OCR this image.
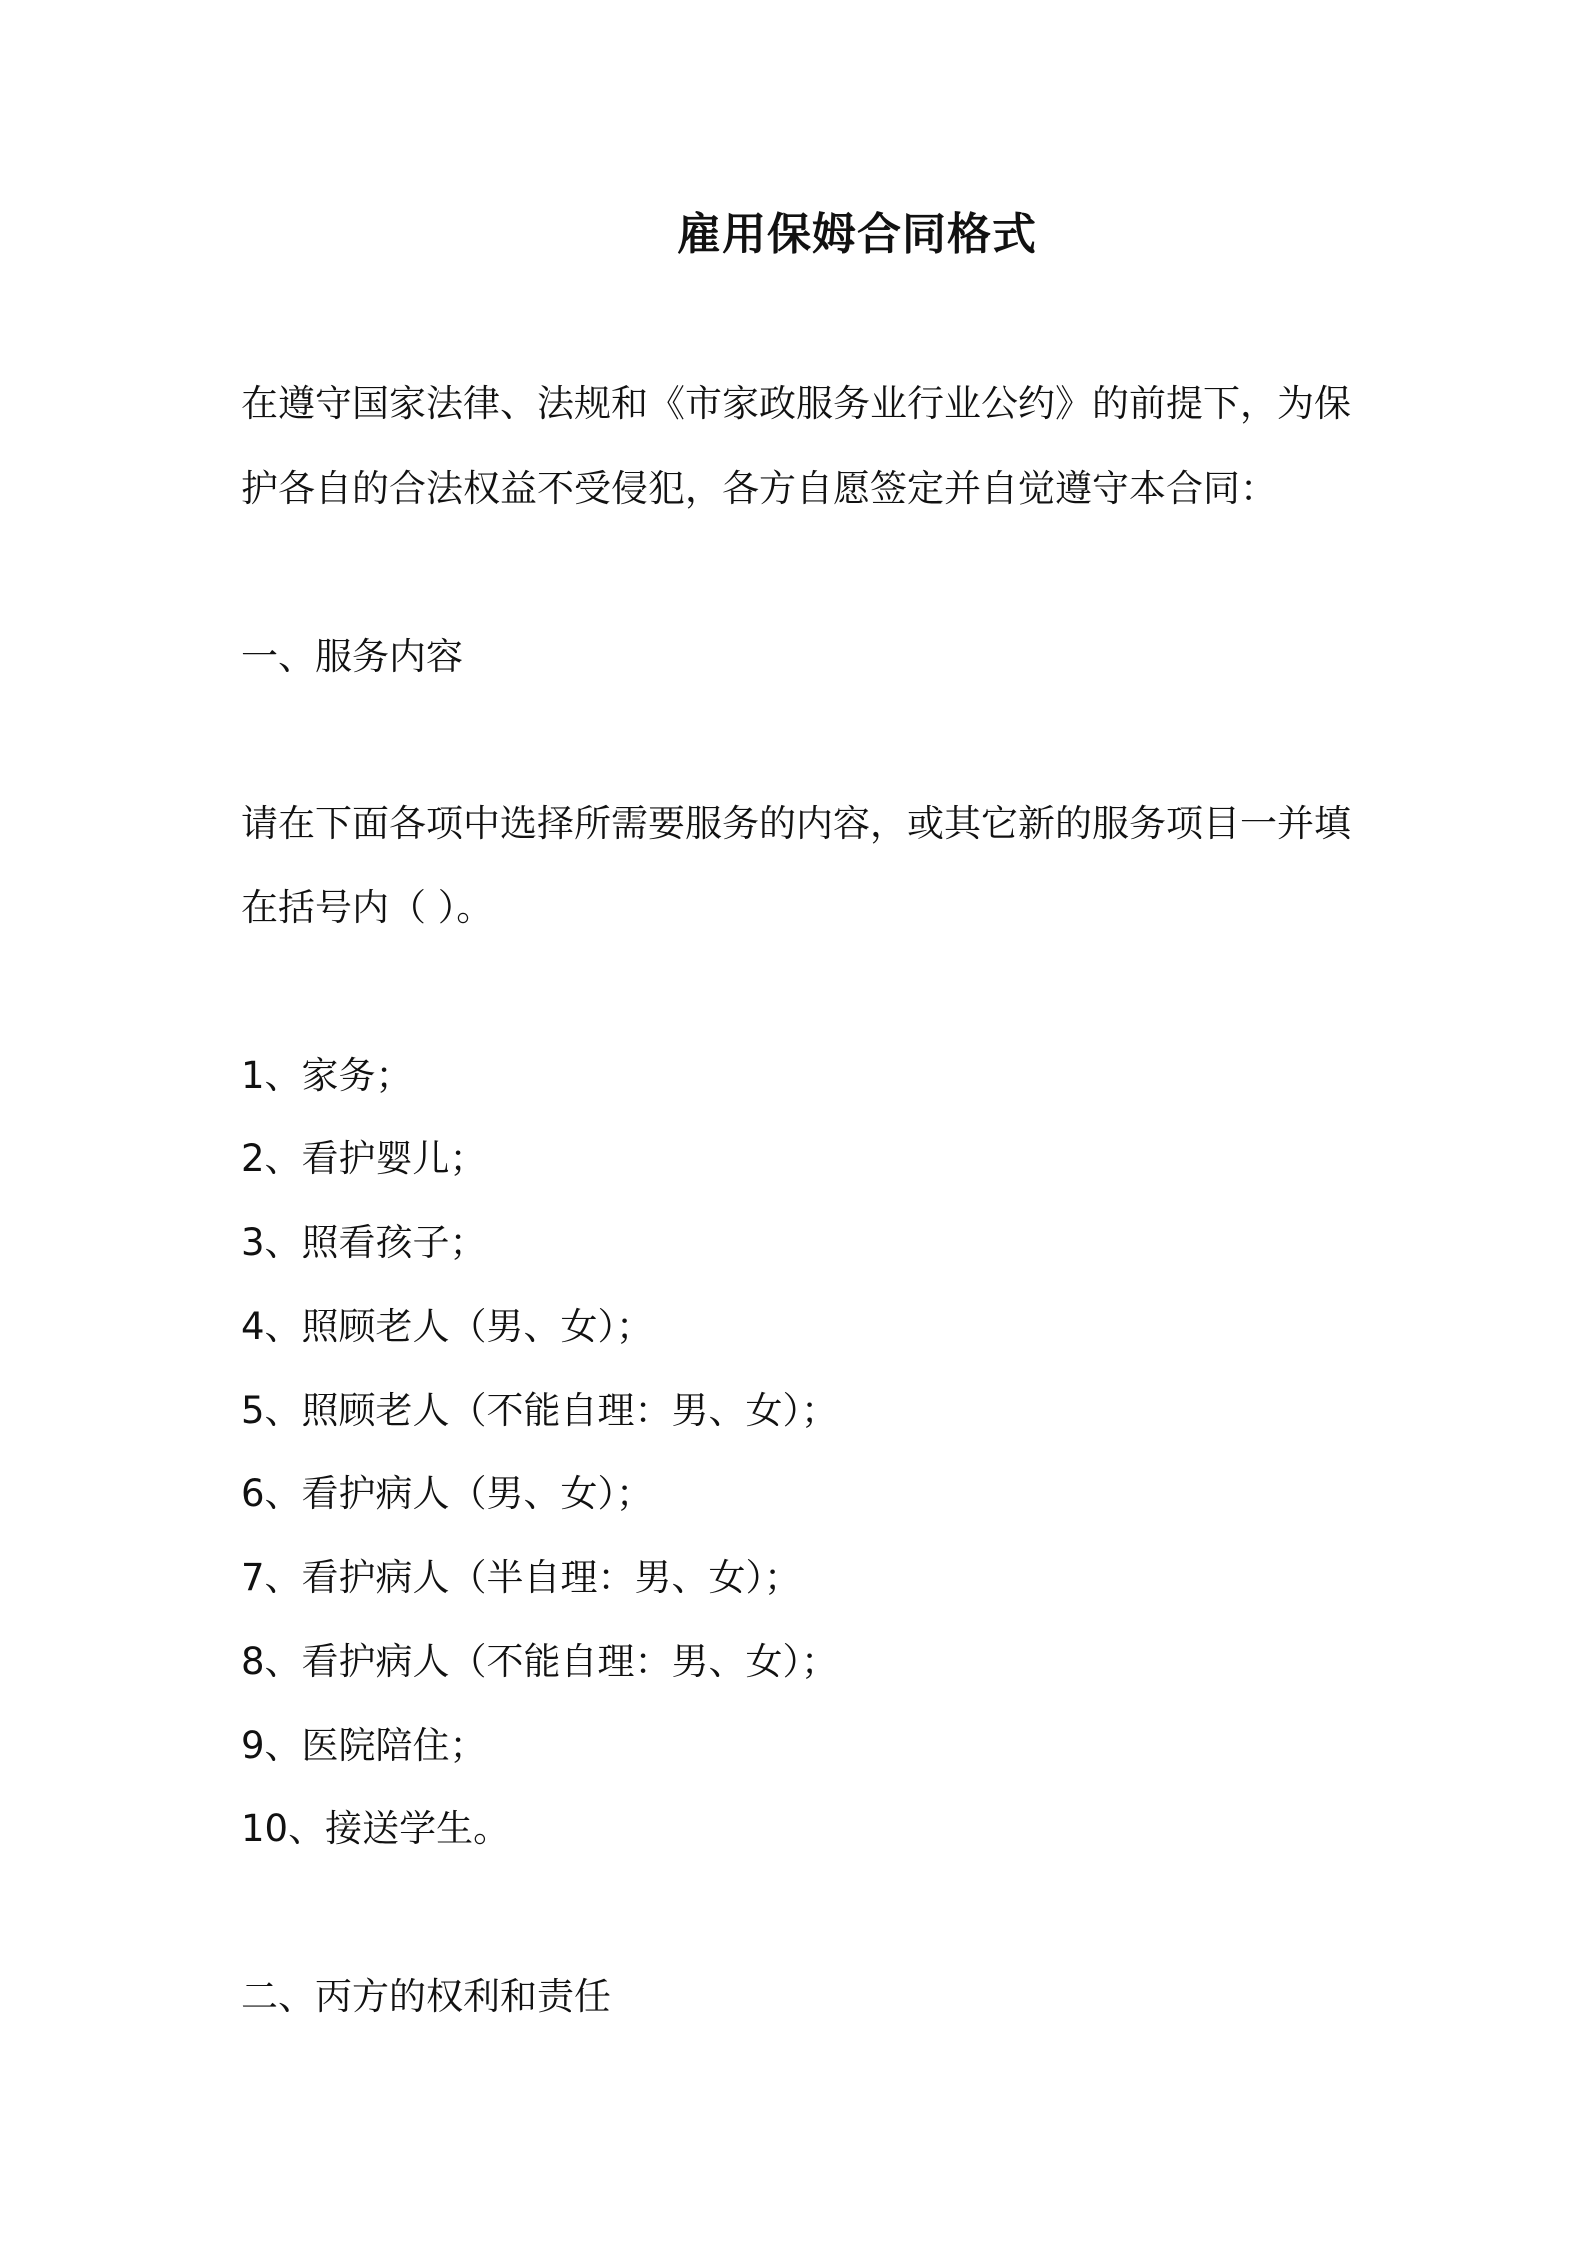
雇用保姆合同格式
在遵守国家法律、法规和《市家政服务业行业公约》的前提下，为保
护各自的合法权益不受侵犯，各方自愿签定并自觉遵守本合同：
一、服务内容
请在下面各项中选择所需要服务的内容，或其它新的服务项目一并填
在括号内（ ）。
1、家务；
2、看护婴儿；
3、照看孩子；
4、照顾老人（男、女）；
5、照顾老人（不能自理：男、女）；
6、看护病人（男、女）；
7、看护病人（半自理：男、女）；
8、看护病人（不能自理：男、女）；
9、医院陪住；
10、接送学生。
二、丙方的权利和责任
